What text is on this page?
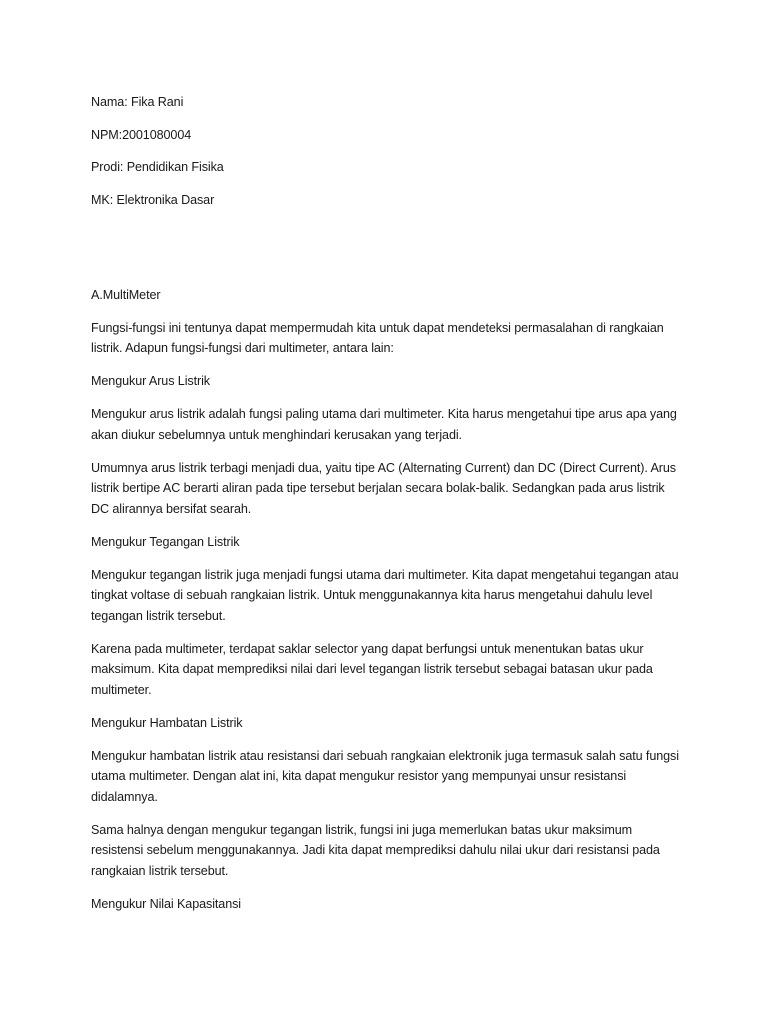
Nama: Fika Rani

NPM:2001080004

Prodi: Pendidikan Fisika

MK: Elektronika Dasar

A.MultiMeter

Fungsi-fungsi ini tentunya dapat mempermudah kita untuk dapat mendeteksi permasalahan di rangkaian listrik. Adapun fungsi-fungsi dari multimeter, antara lain:

Mengukur Arus Listrik

Mengukur arus listrik adalah fungsi paling utama dari multimeter. Kita harus mengetahui tipe arus apa yang akan diukur sebelumnya untuk menghindari kerusakan yang terjadi.

Umumnya arus listrik terbagi menjadi dua, yaitu tipe AC (Alternating Current) dan DC (Direct Current). Arus listrik bertipe AC berarti aliran pada tipe tersebut berjalan secara bolak-balik. Sedangkan pada arus listrik DC alirannya bersifat searah.

Mengukur Tegangan Listrik

Mengukur tegangan listrik juga menjadi fungsi utama dari multimeter. Kita dapat mengetahui tegangan atau tingkat voltase di sebuah rangkaian listrik. Untuk menggunakannya kita harus mengetahui dahulu level tegangan listrik tersebut.

Karena pada multimeter, terdapat saklar selector yang dapat berfungsi untuk menentukan batas ukur maksimum. Kita dapat memprediksi nilai dari level tegangan listrik tersebut sebagai batasan ukur pada multimeter.

Mengukur Hambatan Listrik

Mengukur hambatan listrik atau resistansi dari sebuah rangkaian elektronik juga termasuk salah satu fungsi utama multimeter. Dengan alat ini, kita dapat mengukur resistor yang mempunyai unsur resistansi didalamnya.

Sama halnya dengan mengukur tegangan listrik, fungsi ini juga memerlukan batas ukur maksimum resistensi sebelum menggunakannya. Jadi kita dapat memprediksi dahulu nilai ukur dari resistansi pada rangkaian listrik tersebut.

Mengukur Nilai Kapasitansi
